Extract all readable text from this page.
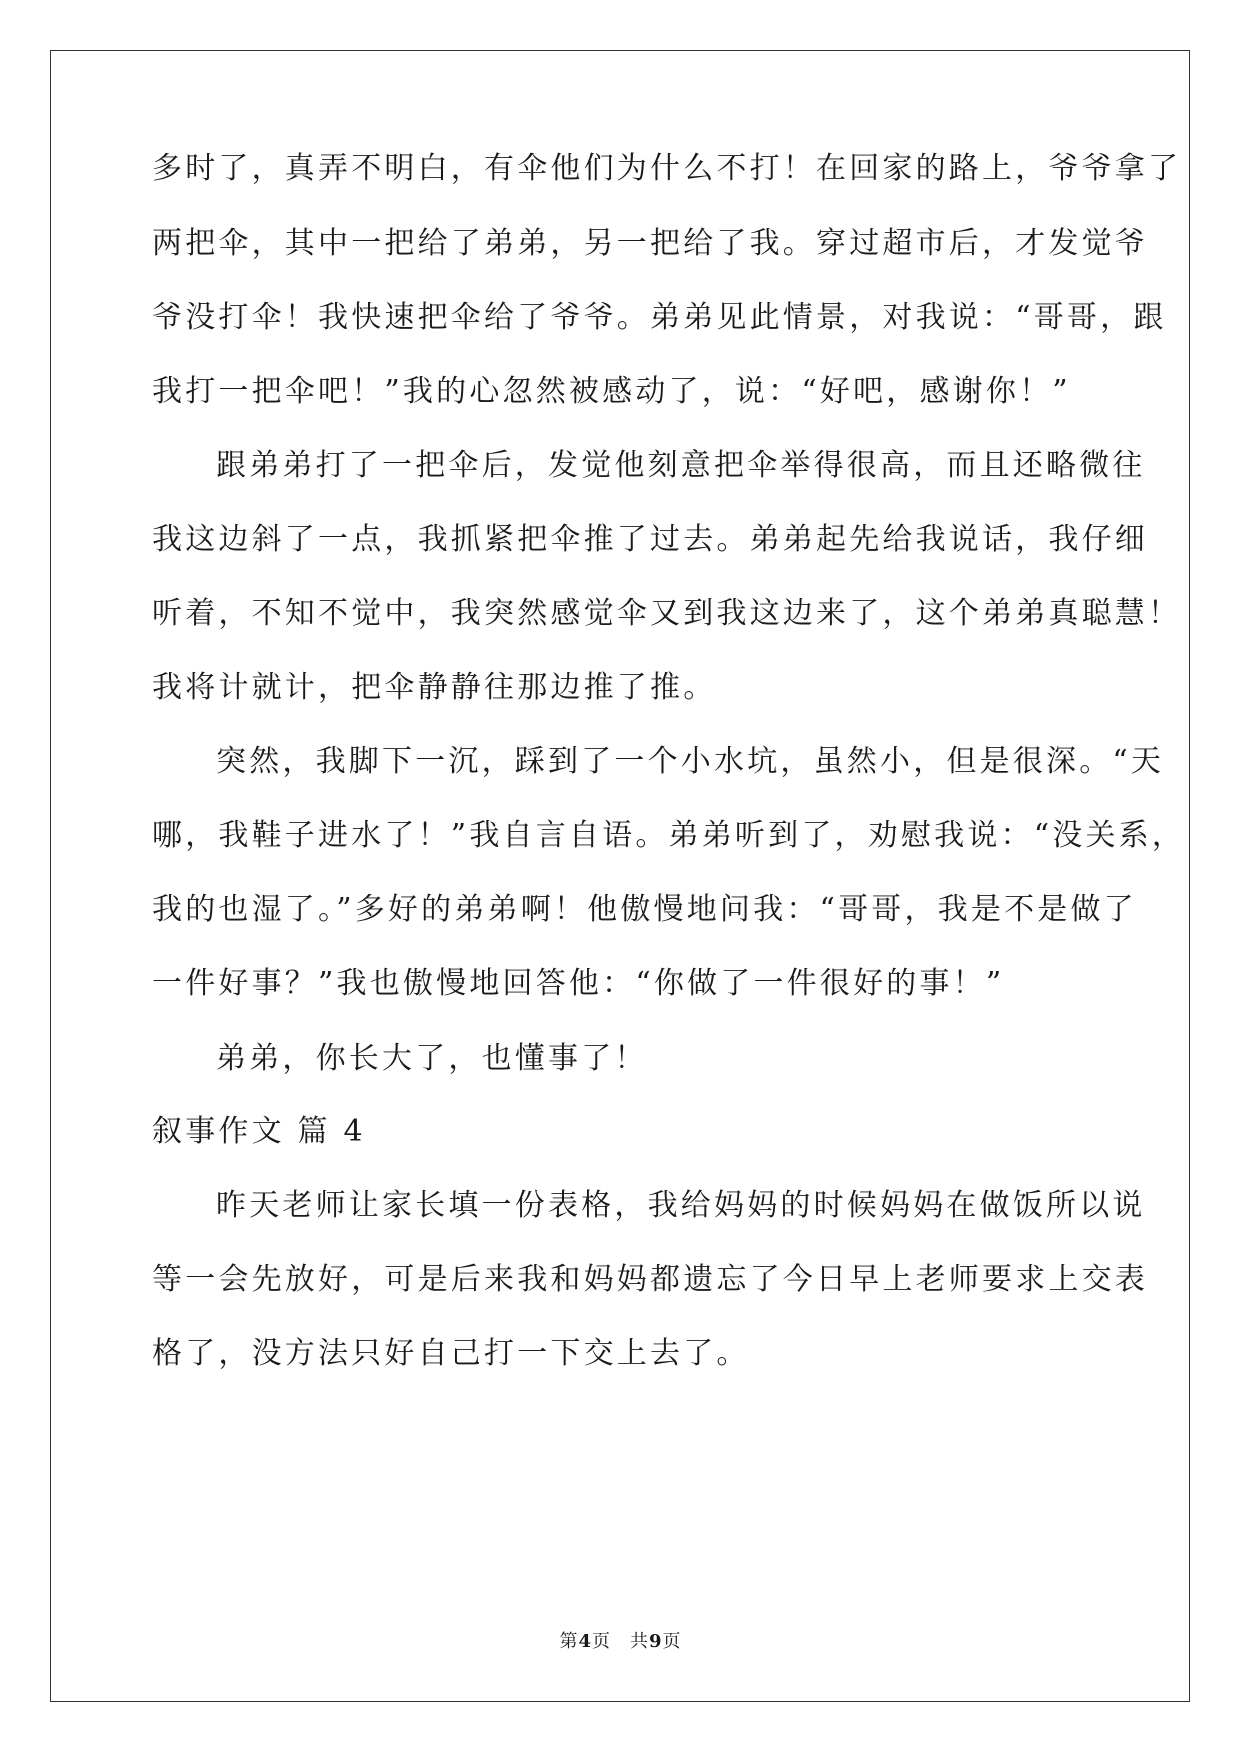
多时了，真弄不明白，有伞他们为什么不打！在回家的路上，爷爷拿了
两把伞，其中一把给了弟弟，另一把给了我。穿过超市后，才发觉爷
爷没打伞！我快速把伞给了爷爷。弟弟见此情景，对我说：“哥哥，跟
我打一把伞吧！”我的心忽然被感动了，说：“好吧，感谢你！”
跟弟弟打了一把伞后，发觉他刻意把伞举得很高，而且还略微往
我这边斜了一点，我抓紧把伞推了过去。弟弟起先给我说话，我仔细
听着，不知不觉中，我突然感觉伞又到我这边来了，这个弟弟真聪慧！
我将计就计，把伞静静往那边推了推。
突然，我脚下一沉，踩到了一个小水坑，虽然小，但是很深。“天
哪，我鞋子进水了！”我自言自语。弟弟听到了，劝慰我说：“没关系，
我的也湿了。”多好的弟弟啊！他傲慢地问我：“哥哥，我是不是做了
一件好事？”我也傲慢地回答他：“你做了一件很好的事！”
弟弟，你长大了，也懂事了！
叙事作文 篇 4
昨天老师让家长填一份表格，我给妈妈的时候妈妈在做饭所以说
等一会先放好，可是后来我和妈妈都遗忘了今日早上老师要求上交表
格了，没方法只好自己打一下交上去了。
第4页　共9页
